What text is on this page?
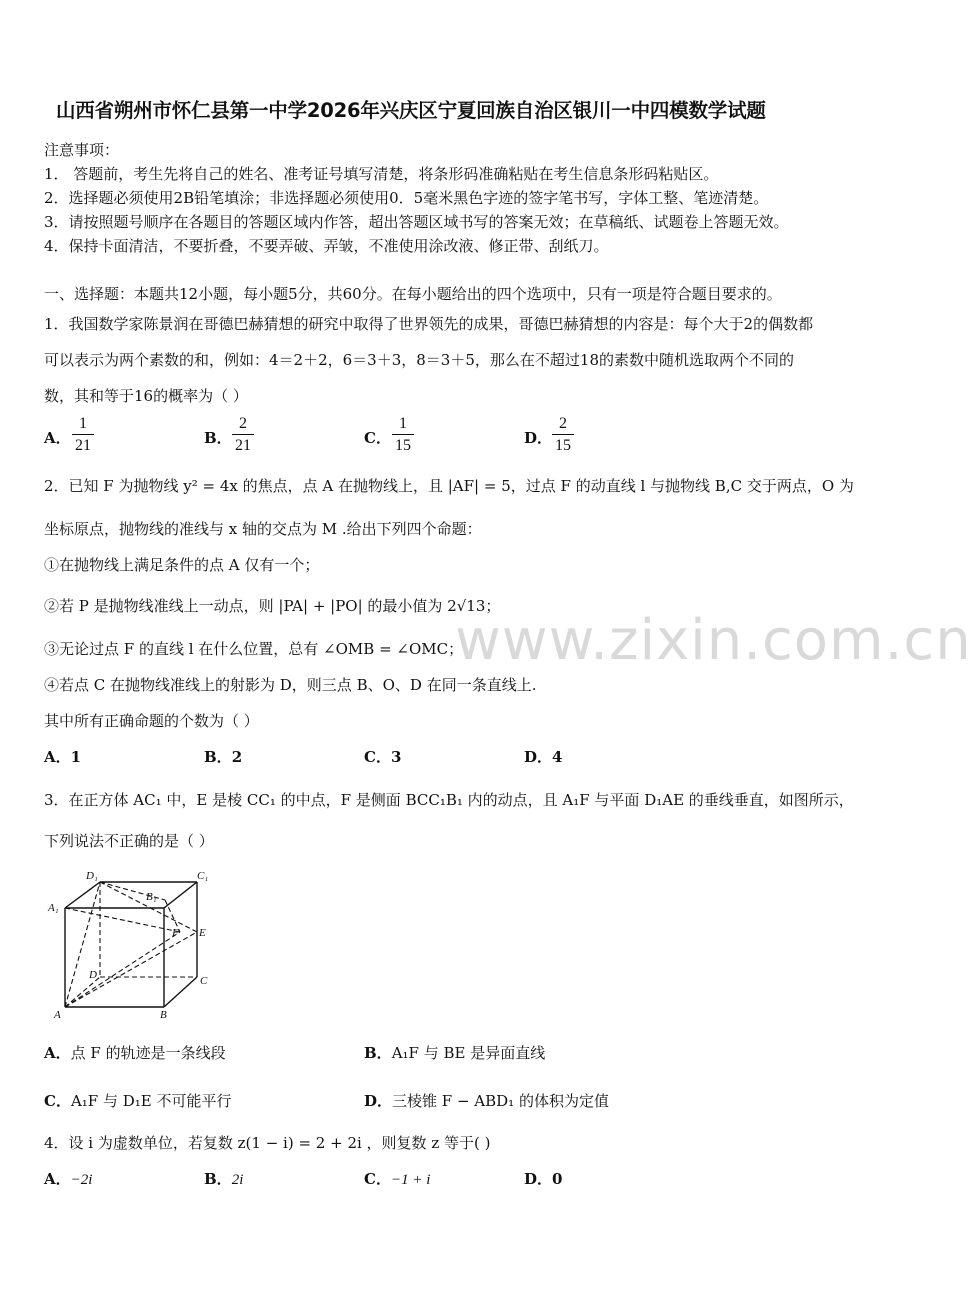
山西省朔州市怀仁县第一中学2026年兴庆区宁夏回族自治区银川一中四模数学试题
注意事项：
1． 答题前，考生先将自己的姓名、准考证号填写清楚，将条形码准确粘贴在考生信息条形码粘贴区。
2．选择题必须使用2B铅笔填涂；非选择题必须使用0．5毫米黑色字迹的签字笔书写，字体工整、笔迹清楚。
3．请按照题号顺序在各题目的答题区域内作答，超出答题区域书写的答案无效；在草稿纸、试题卷上答题无效。
4．保持卡面清洁，不要折叠，不要弄破、弄皱，不准使用涂改液、修正带、刮纸刀。
一、选择题：本题共12小题，每小题5分，共60分。在每小题给出的四个选项中，只有一项是符合题目要求的。
1．我国数学家陈景润在哥德巴赫猜想的研究中取得了世界领先的成果，哥德巴赫猜想的内容是：每个大于2的偶数都
可以表示为两个素数的和，例如：4＝2＋2，6＝3＋3，8＝3＋5，那么在不超过18的素数中随机选取两个不同的
数，其和等于16的概率为（ ）
A．
1
21	B．
2
21	C．
1
15	D．
2
15
2．已知 F 为抛物线 y² = 4x 的焦点，点 A 在抛物线上，且 |AF| = 5，过点 F 的动直线 l 与抛物线 B,C 交于两点，O 为
坐标原点，抛物线的准线与 x 轴的交点为 M .给出下列四个命题：
①在抛物线上满足条件的点 A 仅有一个；
②若 P 是抛物线准线上一动点，则 |PA| + |PO| 的最小值为 2√13；
③无论过点 F 的直线 l 在什么位置，总有 ∠OMB = ∠OMC；
④若点 C 在抛物线准线上的射影为 D，则三点 B、O、D 在同一条直线上.
其中所有正确命题的个数为（ ）
A．1	B．2	C．3	D．4
3．在正方体 AC₁ 中，E 是棱 CC₁ 的中点，F 是侧面 BCC₁B₁ 内的动点，且 A₁F 与平面 D₁AE 的垂线垂直，如图所示，
下列说法不正确的是（ ）
D₁	C₁
A₁
B₁
F E
D	C
A	B
A．点 F 的轨迹是一条线段	B．A₁F 与 BE 是异面直线
C．A₁F 与 D₁E 不可能平行	D．三棱锥 F − ABD₁ 的体积为定值
4．设 i 为虚数单位，若复数 z(1 − i) = 2 + 2i ，则复数 z 等于( )
A．−2i	B．2i	C．−1 + i	D．0
www.zixin.com.cn
